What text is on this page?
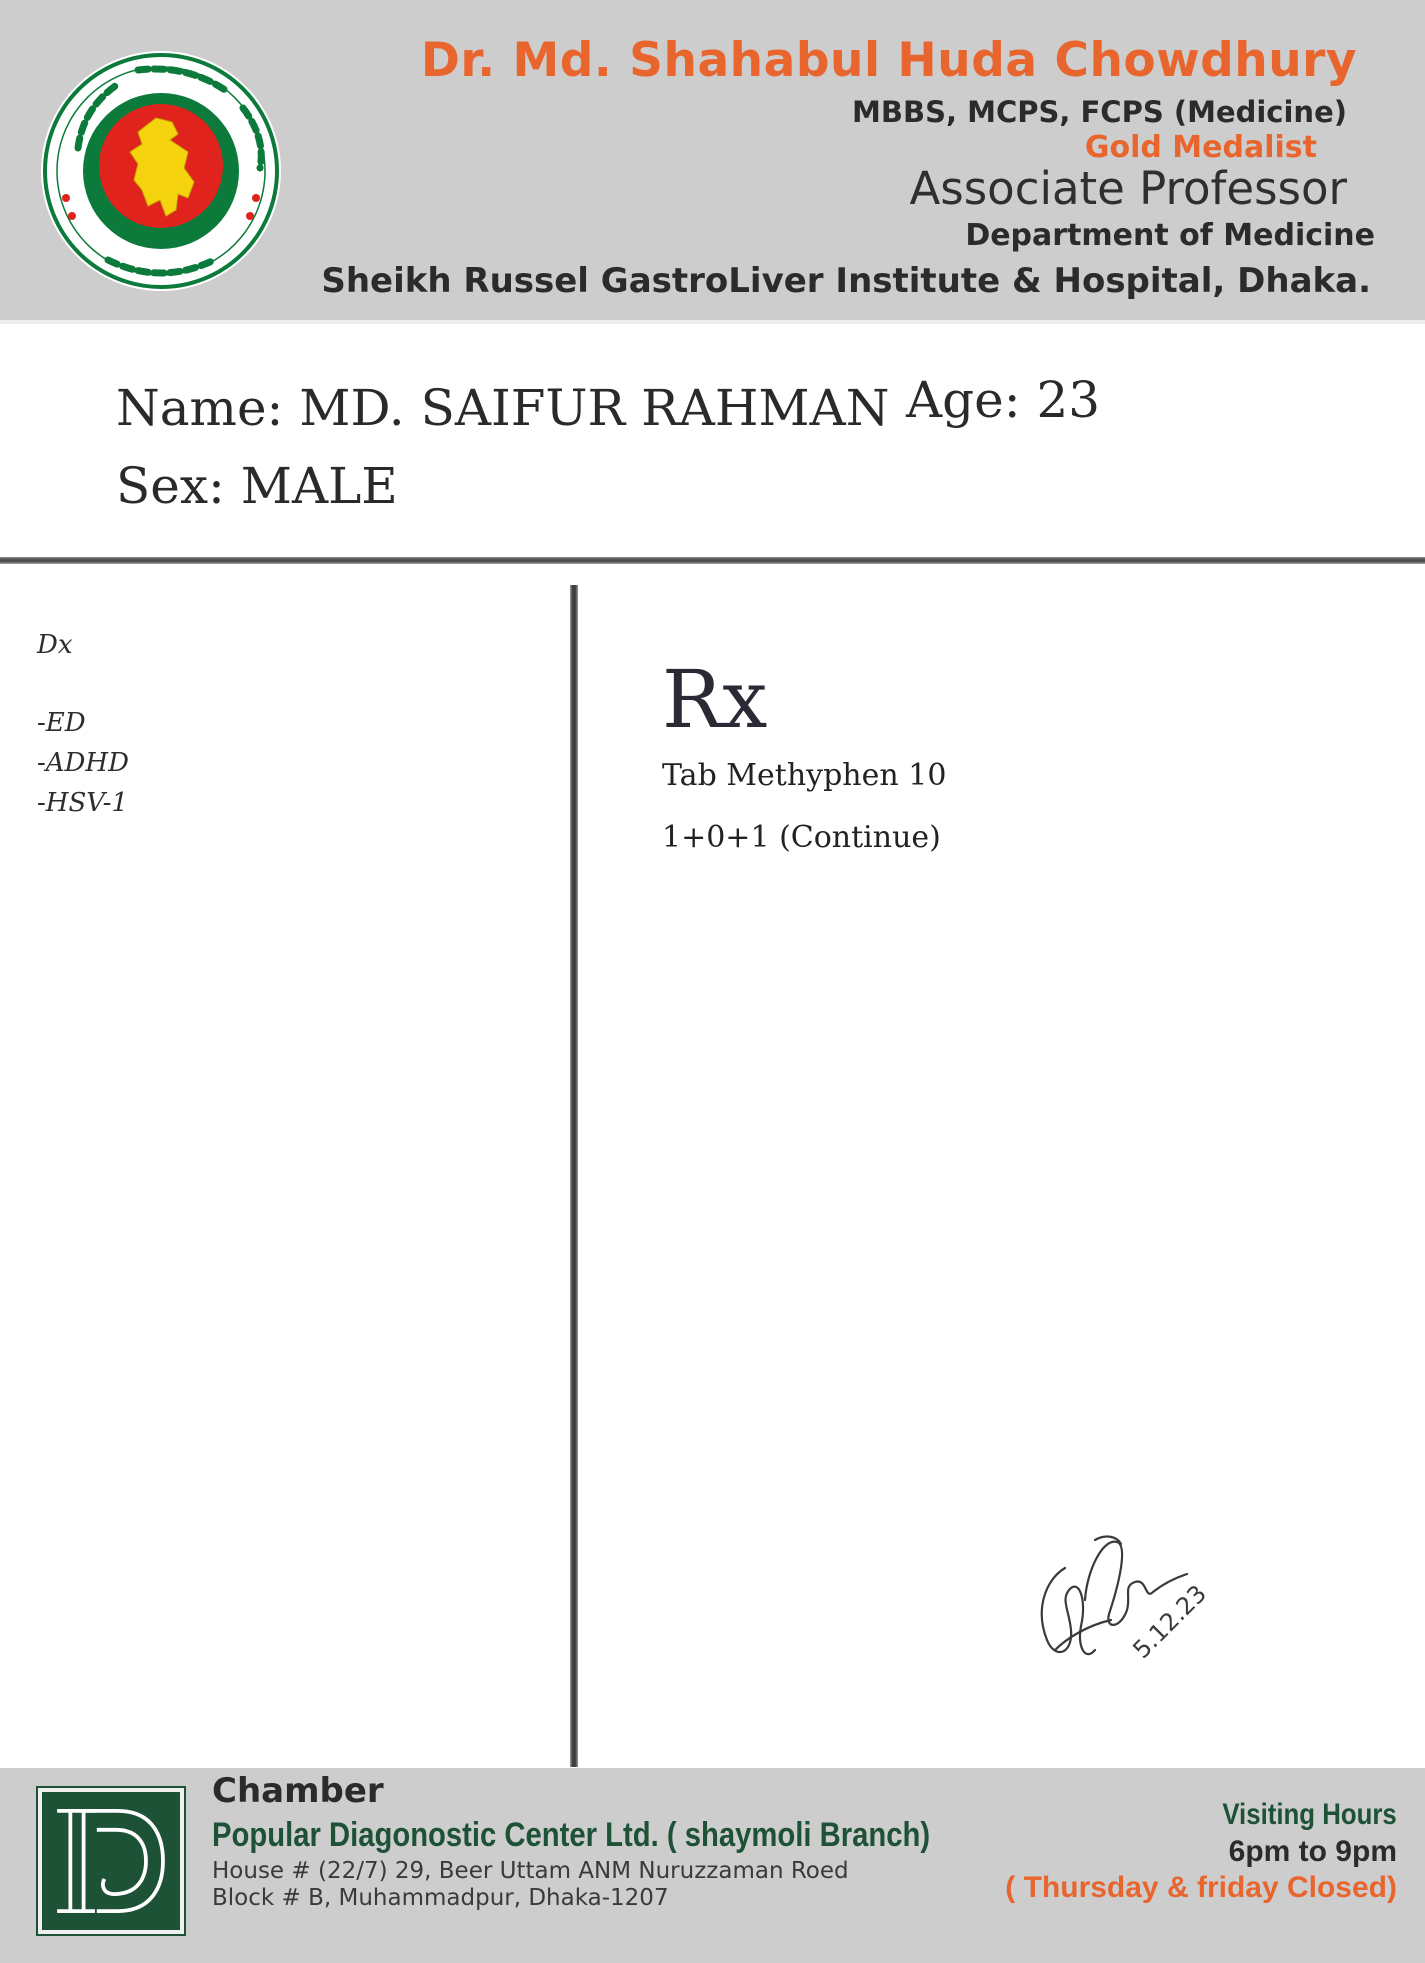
Dr. Md. Shahabul Huda Chowdhury
MBBS, MCPS, FCPS (Medicine)
Gold Medalist
Associate Professor
Department of Medicine
Sheikh Russel GastroLiver Institute & Hospital, Dhaka.
Name: MD. SAIFUR RAHMAN Age: 23
Sex: MALE
Dx
-ED
-ADHD
-HSV-1
Rx
Tab Methyphen 10
1+0+1 (Continue)
5.12.23
Chamber
Popular Diagonostic Center Ltd. ( shaymoli Branch)
House # (22/7) 29, Beer Uttam ANM Nuruzzaman Roed
Block # B, Muhammadpur, Dhaka-1207
Visiting Hours
6pm to 9pm
( Thursday & friday Closed)
